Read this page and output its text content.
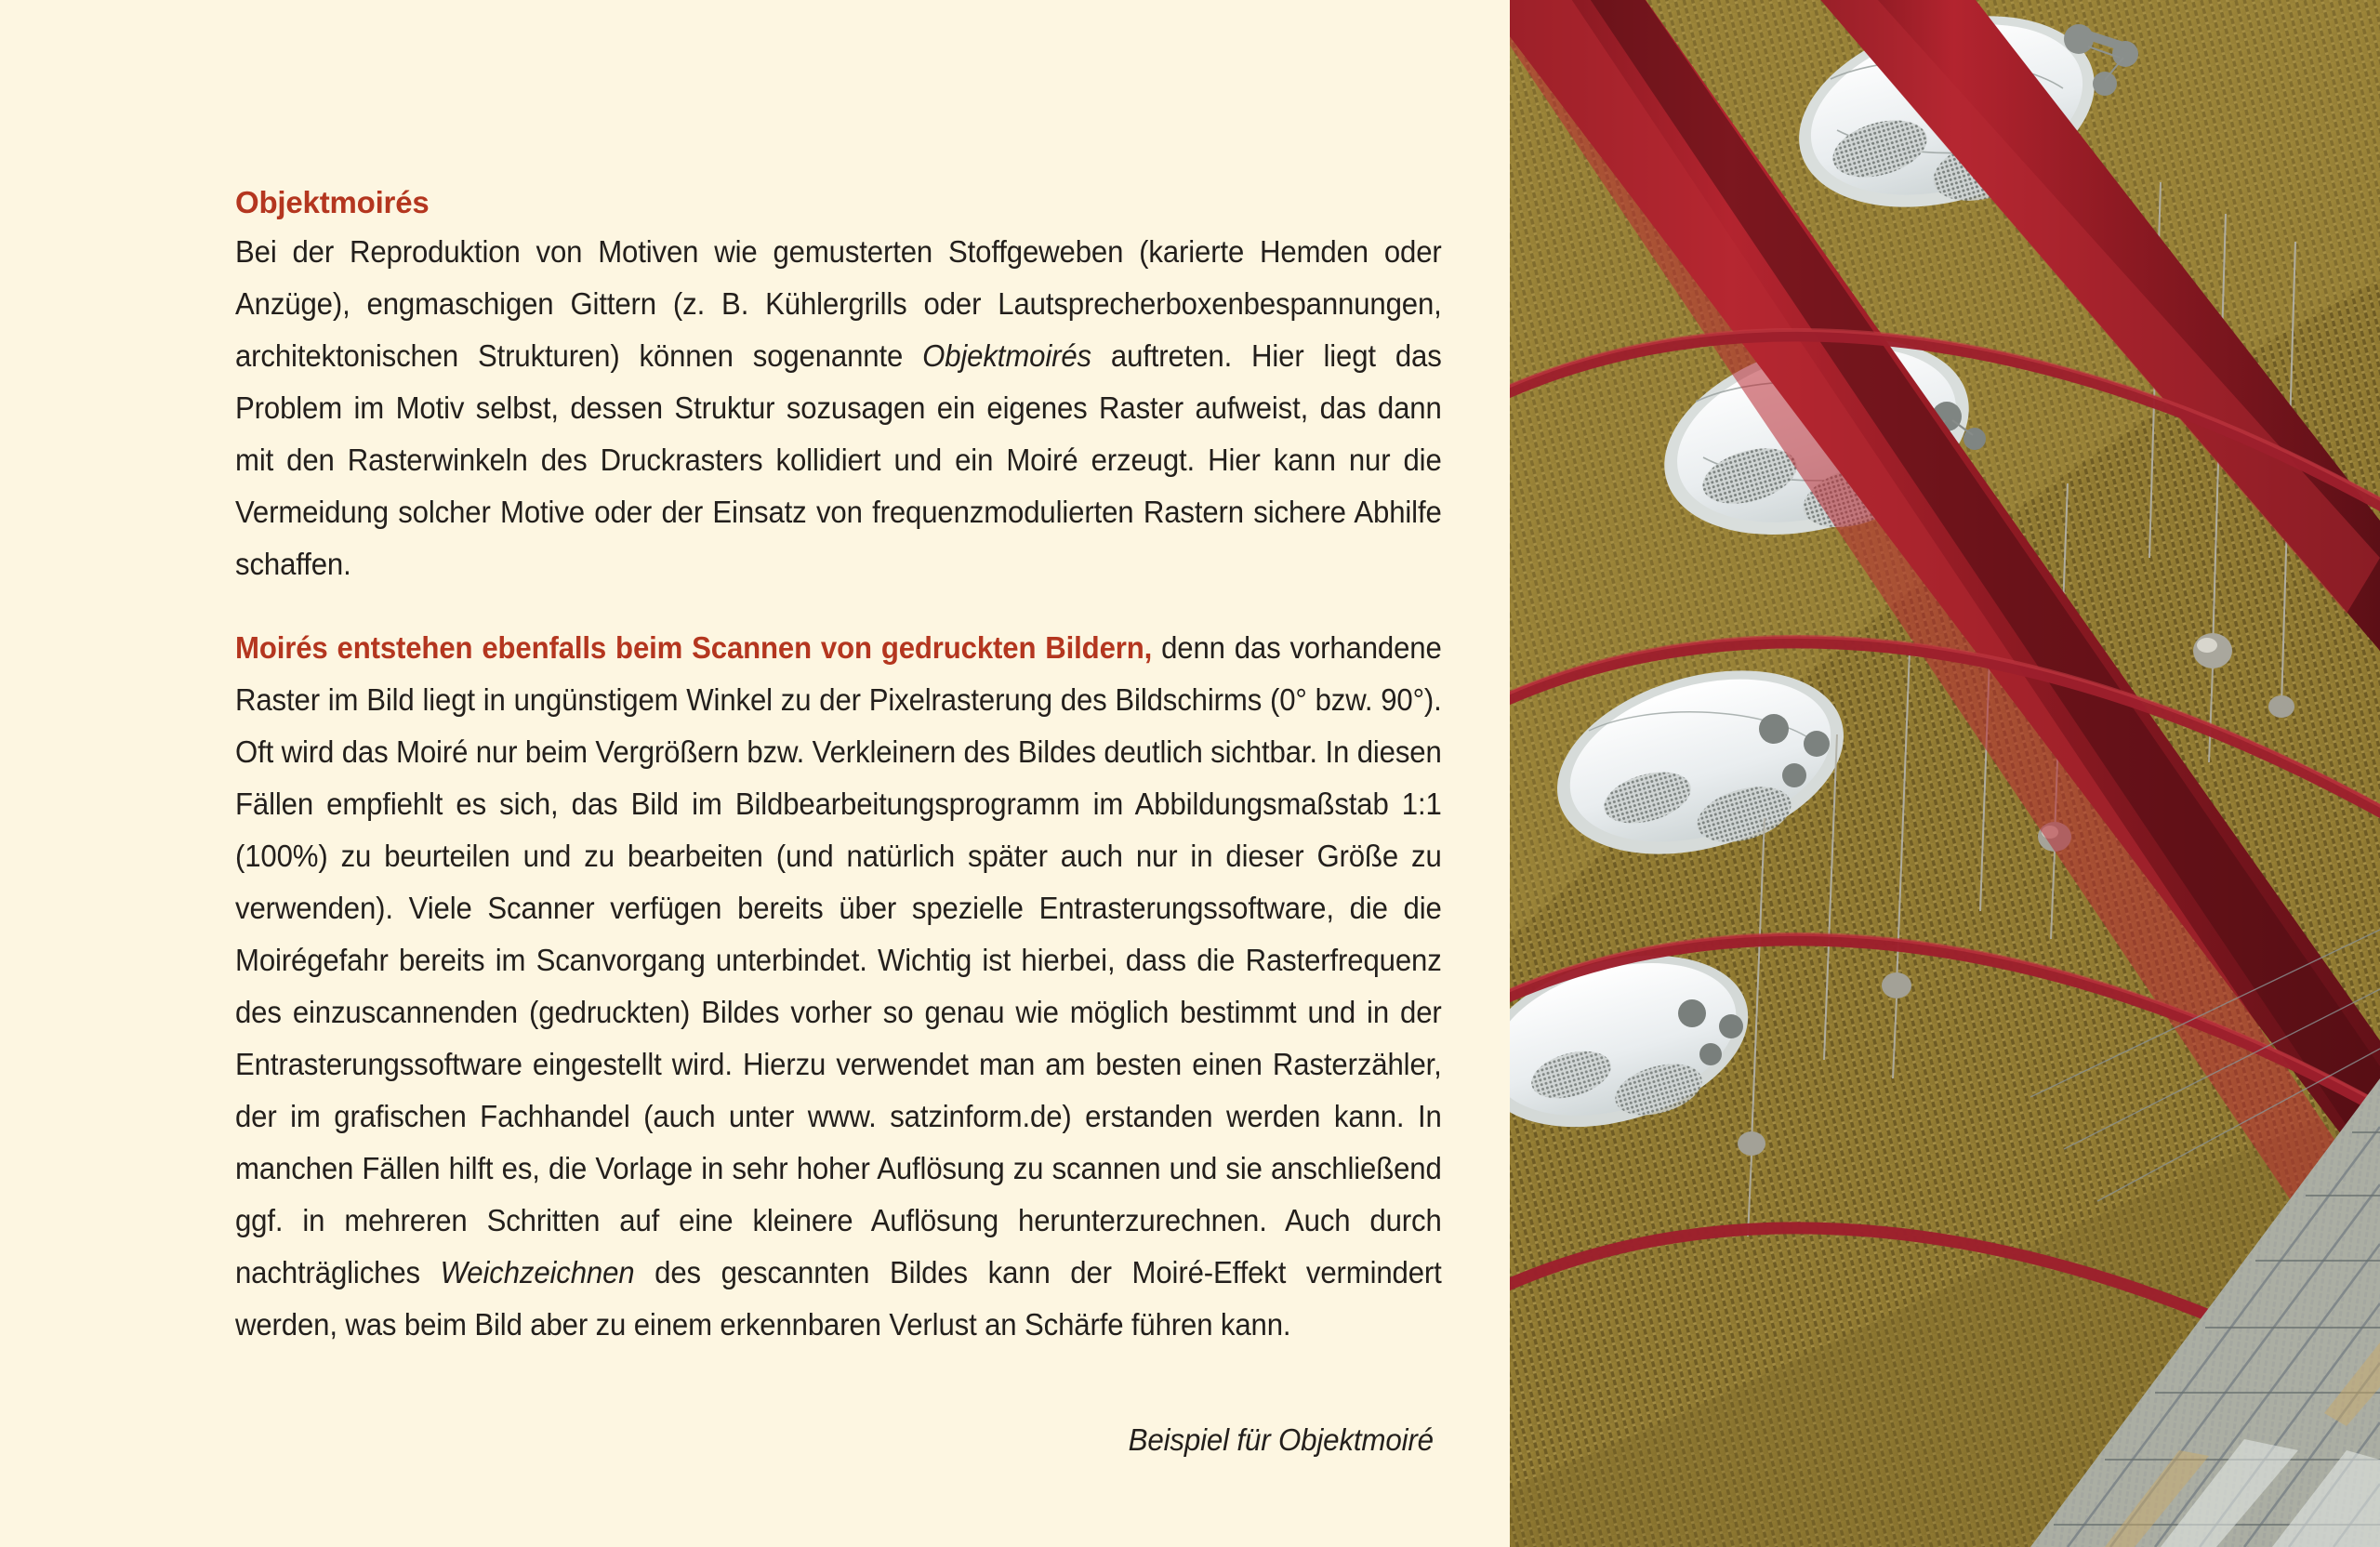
Objektmoirés

Bei der Reproduktion von Motiven wie gemusterten Stoffgeweben (karierte Hemden oder Anzüge), engmaschigen Gittern (z. B. Kühlergrills oder Lautsprecherboxenbespannungen, architektonischen Strukturen) können sogenannte Objektmoirés auftreten. Hier liegt das Problem im Motiv selbst, dessen Struktur sozusagen ein eigenes Raster aufweist, das dann mit den Rasterwinkeln des Druckrasters kollidiert und ein Moiré erzeugt. Hier kann nur die Vermeidung solcher Motive oder der Einsatz von frequenzmodulierten Rastern sichere Abhilfe schaffen.

Moirés entstehen ebenfalls beim Scannen von gedruckten Bildern, denn das vorhandene Raster im Bild liegt in ungünstigem Winkel zu der Pixelrasterung des Bildschirms (0° bzw. 90°). Oft wird das Moiré nur beim Vergrößern bzw. Verkleinern des Bildes deutlich sichtbar. In diesen Fällen empfiehlt es sich, das Bild im Bildbearbeitungsprogramm im Abbildungsmaßstab 1:1 (100%) zu beurteilen und zu bearbeiten (und natürlich später auch nur in dieser Größe zu verwenden). Viele Scanner verfügen bereits über spezielle Entrasterungssoftware, die die Moirégefahr bereits im Scanvorgang unterbindet. Wichtig ist hierbei, dass die Rasterfrequenz des einzuscannenden (gedruckten) Bildes vorher so genau wie möglich bestimmt und in der Entrasterungssoftware eingestellt wird. Hierzu verwendet man am besten einen Rasterzähler, der im grafischen Fachhandel (auch unter www. satzinform.de) erstanden werden kann. In manchen Fällen hilft es, die Vorlage in sehr hoher Auflösung zu scannen und sie anschließend ggf. in mehreren Schritten auf eine kleinere Auflösung herunterzurechnen. Auch durch nachträgliches Weichzeichnen des gescannten Bildes kann der Moiré-Effekt vermindert werden, was beim Bild aber zu einem erkennbaren Verlust an Schärfe führen kann.

Beispiel für Objektmoiré
